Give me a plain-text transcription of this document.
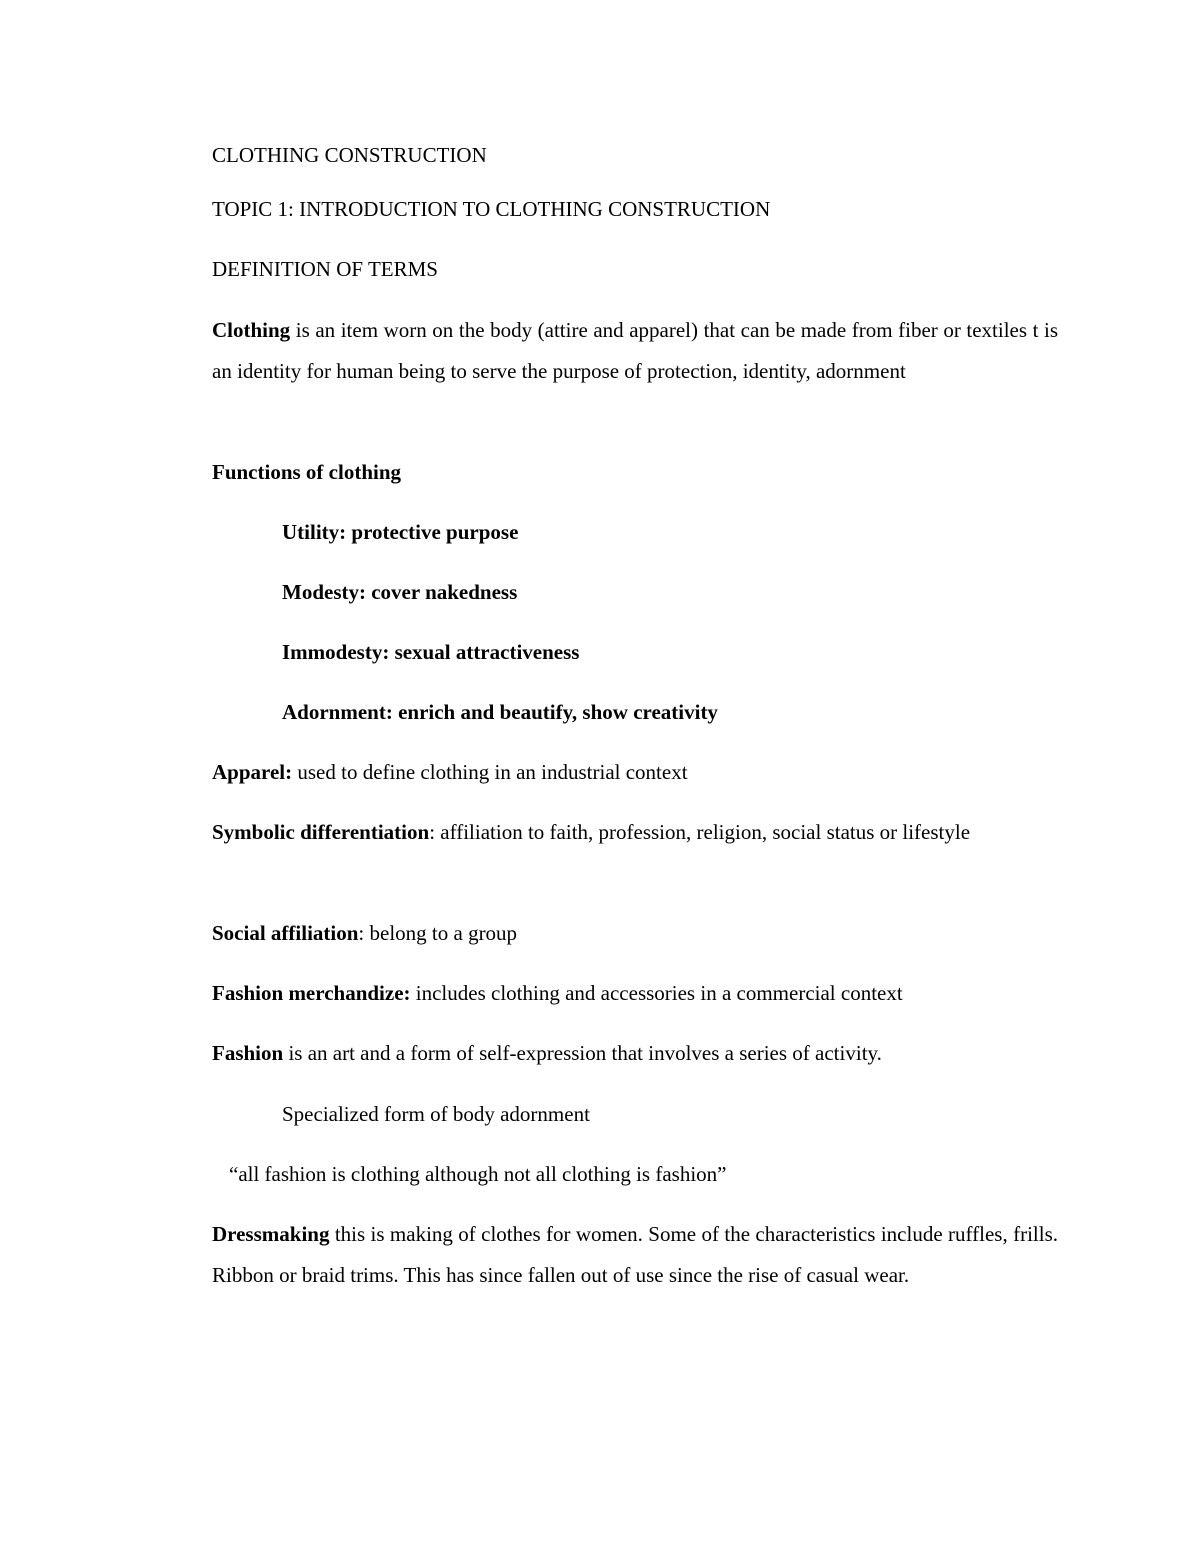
CLOTHING CONSTRUCTION
TOPIC 1: INTRODUCTION TO CLOTHING CONSTRUCTION
DEFINITION OF TERMS
Clothing is an item worn on the body (attire and apparel) that can be made from fiber or textiles t is an identity for human being to serve the purpose of protection, identity, adornment
Functions of clothing
Utility: protective purpose
Modesty: cover nakedness
Immodesty: sexual attractiveness
Adornment: enrich and beautify, show creativity
Apparel: used to define clothing in an industrial context
Symbolic differentiation: affiliation to faith, profession, religion, social status or lifestyle
Social affiliation: belong to a group
Fashion merchandize: includes clothing and accessories in a commercial context
Fashion is an art and a form of self-expression that involves a series of activity.
Specialized form of body adornment
“all fashion is clothing although not all clothing is fashion”
Dressmaking this is making of clothes for women. Some of the characteristics include ruffles, frills. Ribbon or braid trims. This has since fallen out of use since the rise of casual wear.
